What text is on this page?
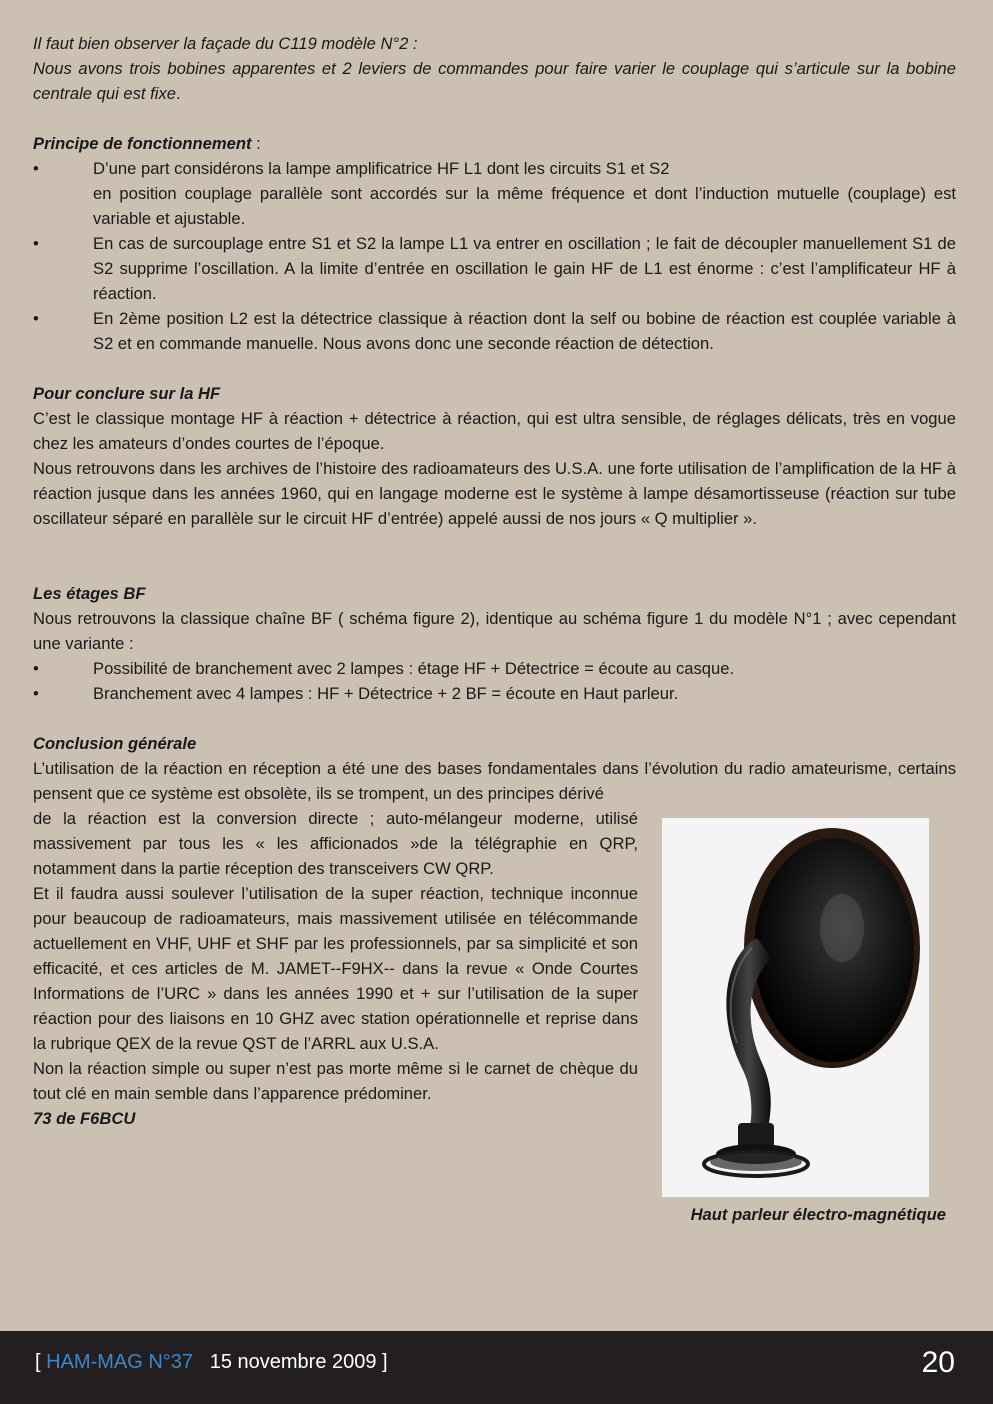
Il faut bien observer la façade du C119 modèle N°2 :

Nous avons trois bobines apparentes et 2 leviers de commandes pour faire varier le couplage qui s’articule sur la bobine centrale qui est fixe.

Principe de fonctionnement :

•	D’une part considérons la lampe amplificatrice HF L1 dont les circuits S1 et S2
en position couplage parallèle sont accordés sur la même fréquence et dont l’induction mutuelle (couplage) est variable et ajustable.
•	En cas de surcouplage entre S1 et S2 la lampe L1 va entrer en oscillation ; le fait de découpler manuellement S1 de S2 supprime l’oscillation. A la limite d’entrée en oscillation le gain HF de L1 est énorme : c’est l’amplificateur HF à réaction.
•	En 2ème position L2 est la détectrice classique à réaction dont la self ou bobine de réaction est couplée variable à S2 et en commande manuelle. Nous avons donc une seconde réaction de détection.

Pour conclure sur la HF

C’est le classique montage HF à réaction + détectrice à réaction, qui est ultra sensible, de réglages délicats, très en vogue chez les amateurs d’ondes courtes de l’époque.

Nous retrouvons dans les archives de l’histoire des radioamateurs des U.S.A. une forte utilisation de l’amplification de la HF à réaction jusque dans les années 1960, qui en langage moderne est le système à lampe désamortisseuse (réaction sur tube oscillateur séparé en parallèle sur le circuit HF d’entrée) appelé aussi de nos jours « Q multiplier ».

Les étages BF

Nous retrouvons la classique chaîne BF ( schéma figure 2), identique au schéma figure 1 du modèle N°1 ; avec cependant une variante :

•	Possibilité de branchement avec 2 lampes : étage HF + Détectrice = écoute au casque.
•	Branchement avec 4 lampes : HF + Détectrice + 2 BF = écoute en Haut parleur.

Conclusion générale

L’utilisation de la réaction en réception a été une des bases fondamentales dans l’évolution du radio amateurisme, certains pensent que ce système est obsolète, ils se trompent, un des principes dérivé

de la réaction est la conversion directe ; auto-mélangeur moderne, utilisé massivement par tous les « les afficionados »de la télégraphie en QRP, notamment dans la partie réception des transceivers CW QRP.

Et il faudra aussi soulever l’utilisation de la super réaction, technique inconnue pour beaucoup de radioamateurs, mais massivement utilisée en télécommande actuellement en VHF, UHF et SHF par les professionnels, par sa simplicité et son efficacité, et ces articles de M. JAMET--F9HX-- dans la revue « Onde Courtes Informations de l’URC » dans les années 1990 et + sur l’utilisation de la super réaction pour des liaisons en 10 GHZ avec station opérationnelle et reprise dans la rubrique QEX de la revue QST de l’ARRL aux U.S.A.

Non la réaction simple ou super n’est pas morte même si le carnet de chèque du tout clé en main semble dans l’apparence prédominer.

73 de F6BCU

Haut parleur électro-magnétique
[ HAM-MAG N°37 15 novembre 2009 ]	20
